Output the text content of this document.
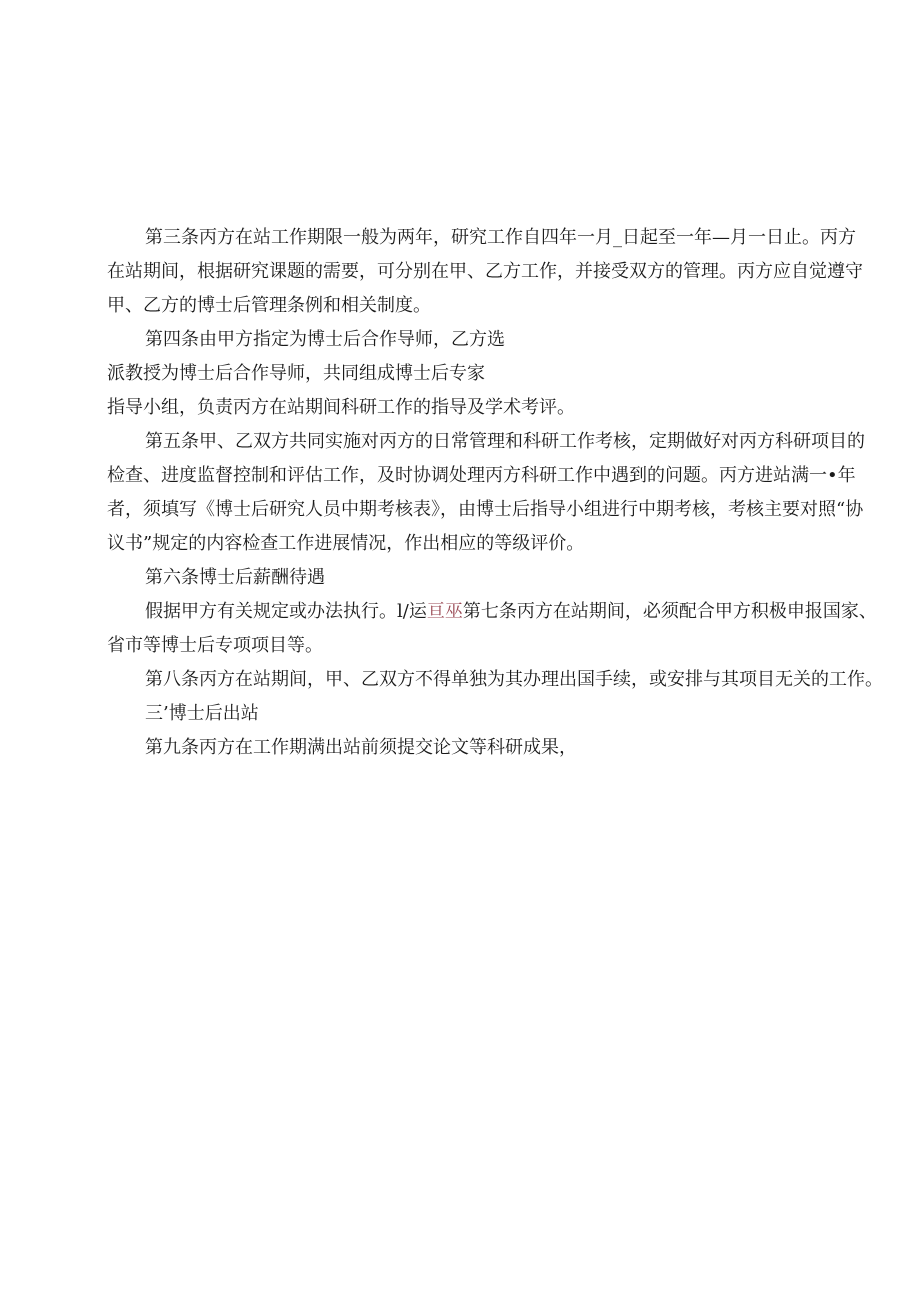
第三条丙方在站工作期限一般为两年，研究工作自四年一月_日起至一年—月一日止。丙方
在站期间，根据研究课题的需要，可分别在甲、乙方工作，并接受双方的管理。丙方应自觉遵守
甲、乙方的博士后管理条例和相关制度。
第四条由甲方指定为博士后合作导师，乙方选
派教授为博士后合作导师，共同组成博士后专家
指导小组，负责丙方在站期间科研工作的指导及学术考评。
第五条甲、乙双方共同实施对丙方的日常管理和科研工作考核，定期做好对丙方科研项目的
检查、进度监督控制和评估工作，及时协调处理丙方科研工作中遇到的问题。丙方进站满一•年
者，须填写《博士后研究人员中期考核表》，由博士后指导小组进行中期考核，考核主要对照“协
议书”规定的内容检查工作进展情况，作出相应的等级评价。
第六条博士后薪酬待遇
假据甲方有关规定或办法执行。l/运亘巫第七条丙方在站期间，必须配合甲方积极申报国家、
省市等博士后专项项目等。
第八条丙方在站期间，甲、乙双方不得单独为其办理出国手续，或安排与其项目无关的工作。
三’博士后出站
第九条丙方在工作期满出站前须提交论文等科研成果，
